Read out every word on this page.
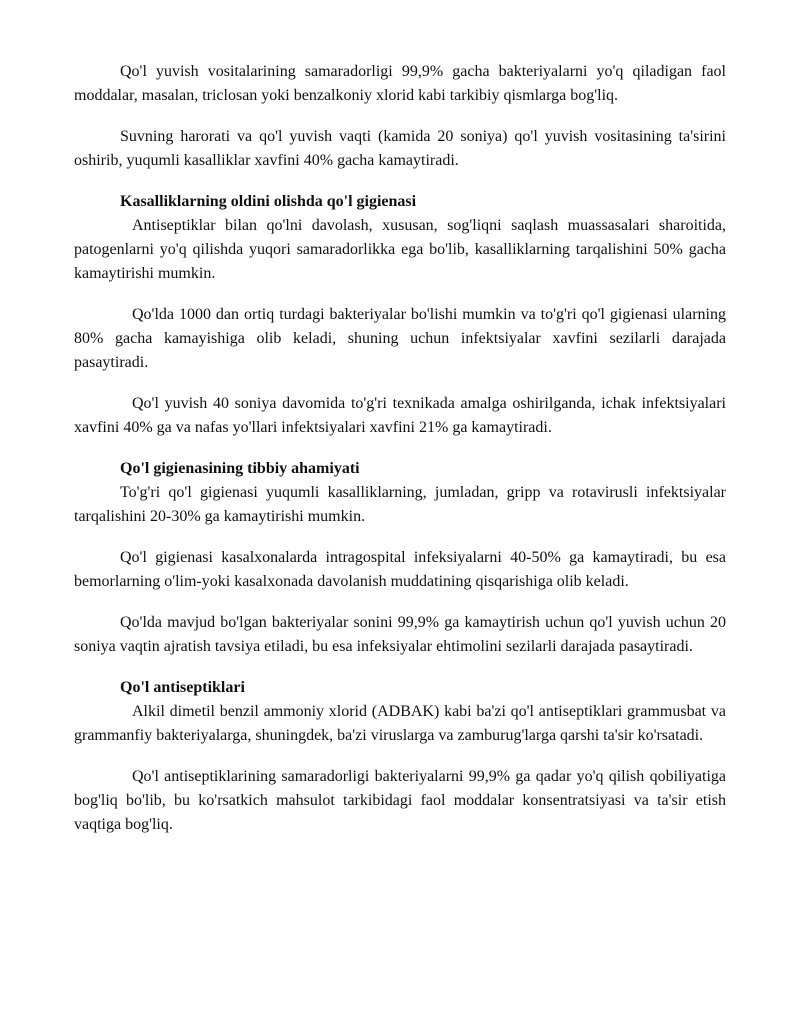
Qo'l yuvish vositalarining samaradorligi 99,9% gacha bakteriyalarni yo'q qiladigan faol moddalar, masalan, triclosan yoki benzalkoniy xlorid kabi tarkibiy qismlarga bog'liq.

Suvning harorati va qo'l yuvish vaqti (kamida 20 soniya) qo'l yuvish vositasining ta'sirini oshirib, yuqumli kasalliklar xavfini 40% gacha kamaytiradi.

Kasalliklarning oldini olishda qo'l gigienasi

Antiseptiklar bilan qo'lni davolash, xususan, sog'liqni saqlash muassasalari sharoitida, patogenlarni yo'q qilishda yuqori samaradorlikka ega bo'lib, kasalliklarning tarqalishini 50% gacha kamaytirishi mumkin.

Qo'lda 1000 dan ortiq turdagi bakteriyalar bo'lishi mumkin va to'g'ri qo'l gigienasi ularning 80% gacha kamayishiga olib keladi, shuning uchun infektsiyalar xavfini sezilarli darajada pasaytiradi.

Qo'l yuvish 40 soniya davomida to'g'ri texnikada amalga oshirilganda, ichak infektsiyalari xavfini 40% ga va nafas yo'llari infektsiyalari xavfini 21% ga kamaytiradi.

Qo'l gigienasining tibbiy ahamiyati

To'g'ri qo'l gigienasi yuqumli kasalliklarning, jumladan, gripp va rotavirusli infektsiyalar tarqalishini 20-30% ga kamaytirishi mumkin.

Qo'l gigienasi kasalxonalarda intragospital infeksiyalarni 40-50% ga kamaytiradi, bu esa bemorlarning o'lim-yoki kasalxonada davolanish muddatining qisqarishiga olib keladi.

Qo'lda mavjud bo'lgan bakteriyalar sonini 99,9% ga kamaytirish uchun qo'l yuvish uchun 20 soniya vaqtin ajratish tavsiya etiladi, bu esa infeksiyalar ehtimolini sezilarli darajada pasaytiradi.

Qo'l antiseptiklari

Alkil dimetil benzil ammoniy xlorid (ADBAK) kabi ba'zi qo'l antiseptiklari grammusbat va grammanfiy bakteriyalarga, shuningdek, ba'zi viruslarga va zamburug'larga qarshi ta'sir ko'rsatadi.

Qo'l antiseptiklarining samaradorligi bakteriyalarni 99,9% ga qadar yo'q qilish qobiliyatiga bog'liq bo'lib, bu ko'rsatkich mahsulot tarkibidagi faol moddalar konsentratsiyasi va ta'sir etish vaqtiga bog'liq.
